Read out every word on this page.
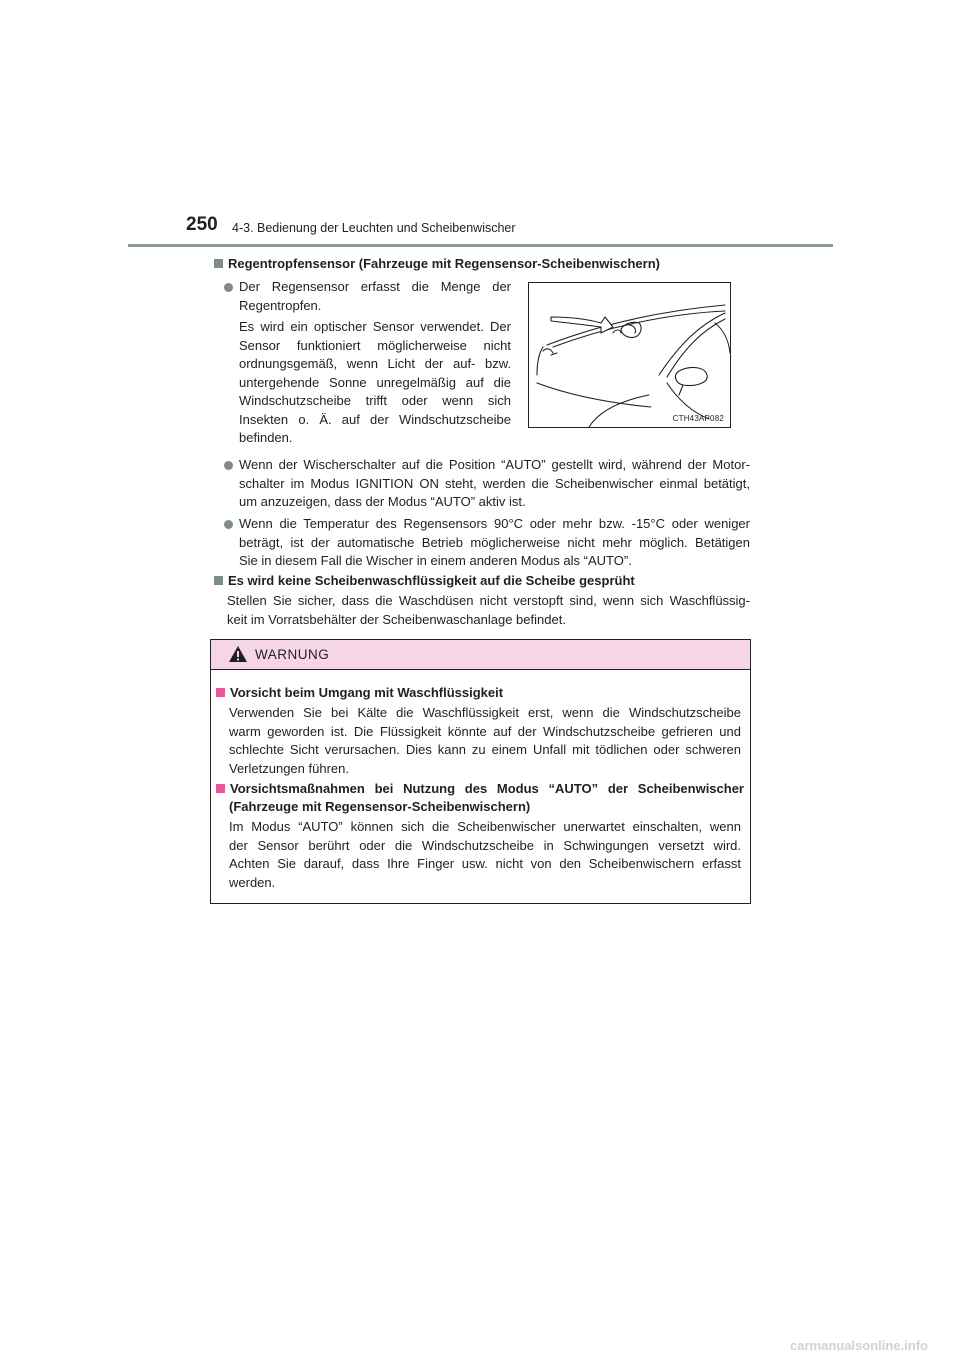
250 4-3. Bedienung der Leuchten und Scheibenwischer
Regentropfensensor (Fahrzeuge mit Regensensor-Scheibenwischern)
Der Regensensor erfasst die Menge der
Regentropfen.
Es wird ein optischer Sensor verwendet. Der
Sensor funktioniert möglicherweise nicht
ordnungsgemäß, wenn Licht der auf- bzw.
untergehende Sonne unregelmäßig auf die
Windschutzscheibe trifft oder wenn sich
Insekten o. Ä. auf der Windschutzscheibe
befinden.
CTH43AP082
Wenn der Wischerschalter auf die Position “AUTO” gestellt wird, während der Motor-
schalter im Modus IGNITION ON steht, werden die Scheibenwischer einmal betätigt,
um anzuzeigen, dass der Modus “AUTO” aktiv ist.
Wenn die Temperatur des Regensensors 90°C oder mehr bzw. -15°C oder weniger
beträgt, ist der automatische Betrieb möglicherweise nicht mehr möglich. Betätigen
Sie in diesem Fall die Wischer in einem anderen Modus als “AUTO”.
Es wird keine Scheibenwaschflüssigkeit auf die Scheibe gesprüht
Stellen Sie sicher, dass die Waschdüsen nicht verstopft sind, wenn sich Waschflüssig-
keit im Vorratsbehälter der Scheibenwaschanlage befindet.
WARNUNG
Vorsicht beim Umgang mit Waschflüssigkeit
Verwenden Sie bei Kälte die Waschflüssigkeit erst, wenn die Windschutzscheibe
warm geworden ist. Die Flüssigkeit könnte auf der Windschutzscheibe gefrieren und
schlechte Sicht verursachen. Dies kann zu einem Unfall mit tödlichen oder schweren
Verletzungen führen.
Vorsichtsmaßnahmen bei Nutzung des Modus “AUTO” der Scheibenwischer
(Fahrzeuge mit Regensensor-Scheibenwischern)
Im Modus “AUTO” können sich die Scheibenwischer unerwartet einschalten, wenn
der Sensor berührt oder die Windschutzscheibe in Schwingungen versetzt wird.
Achten Sie darauf, dass Ihre Finger usw. nicht von den Scheibenwischern erfasst
werden.
carmanualsonline.info
